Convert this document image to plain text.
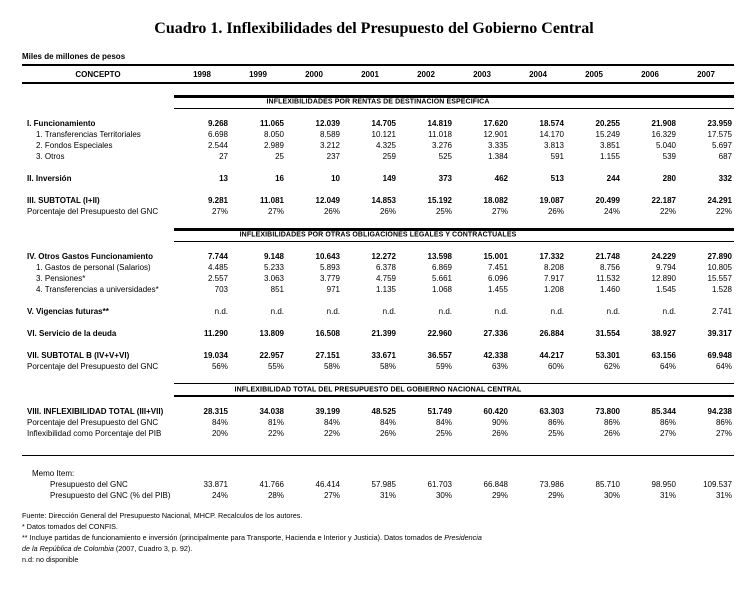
Cuadro 1. Inflexibilidades del Presupuesto del Gobierno Central
Miles de millones de pesos
CONCEPTO	1998	1999	2000	2001	2002	2003	2004	2005	2006	2007

INFLEXIBILIDADES POR RENTAS DE DESTINACIÓN ESPECÍFICA										

I. Funcionamiento	9.268	11.065	12.039	14.705	14.819	17.620	18.574	20.255	21.908	23.959
1. Transferencias Territoriales	6.698	8.050	8.589	10.121	11.018	12.901	14.170	15.249	16.329	17.575
2. Fondos Especiales	2.544	2.989	3.212	4.325	3.276	3.335	3.813	3.851	5.040	5.697
3. Otros	27	25	237	259	525	1.384	591	1.155	539	687

II. Inversión	13	16	10	149	373	462	513	244	280	332

III. SUBTOTAL (I+II)	9.281	11.081	12.049	14.853	15.192	18.082	19.087	20.499	22.187	24.291
Porcentaje del Presupuesto del GNC	27%	27%	26%	26%	25%	27%	26%	24%	22%	22%

INFLEXIBILIDADES POR OTRAS OBLIGACIONES LEGALES Y CONTRACTUALES										

IV. Otros Gastos Funcionamiento	7.744	9.148	10.643	12.272	13.598	15.001	17.332	21.748	24.229	27.890
1. Gastos de personal (Salarios)	4.485	5.233	5.893	6.378	6.869	7.451	8.208	8.756	9.794	10.805
3. Pensiones*	2.557	3.063	3.779	4.759	5.661	6.096	7.917	11.532	12.890	15.557
4. Transferencias a universidades*	703	851	971	1.135	1.068	1.455	1.208	1.460	1.545	1.528

V. Vigencias futuras**	n.d.	n.d.	n.d.	n.d.	n.d.	n.d.	n.d.	n.d.	n.d.	2.741

VI. Servicio de la deuda	11.290	13.809	16.508	21.399	22.960	27.336	26.884	31.554	38.927	39.317

VII. SUBTOTAL B (IV+V+VI)	19.034	22.957	27.151	33.671	36.557	42.338	44.217	53.301	63.156	69.948
Porcentaje del Presupuesto del GNC	56%	55%	58%	58%	59%	63%	60%	62%	64%	64%

INFLEXIBILIDAD TOTAL DEL PRESUPUESTO DEL GOBIERNO NACIONAL CENTRAL										

VIII. INFLEXIBILIDAD TOTAL (III+VII)	28.315	34.038	39.199	48.525	51.749	60.420	63.303	73.800	85.344	94.238
Porcentaje del Presupuesto del GNC	84%	81%	84%	84%	84%	90%	86%	86%	86%	86%
Inflexibilidad como Porcentaje del PIB	20%	22%	22%	26%	25%	26%	25%	26%	27%	27%

Memo Item:										
Presupuesto del GNC	33.871	41.766	46.414	57.985	61.703	66.848	73.986	85.710	98.950	109.537
Presupuesto del GNC (% del PIB)	24%	28%	27%	31%	30%	29%	29%	30%	31%	31%
Fuente: Dirección General del Presupuesto Nacional, MHCP. Recalculos de los autores.
* Datos tomados del CONFIS.
** Incluye partidas de funcionamiento e inversión (principalmente para Transporte, Hacienda e Interior y Justicia). Datos tomados de Presidencia
de la República de Colombia (2007, Cuadro 3, p. 92).
n.d: no disponible
